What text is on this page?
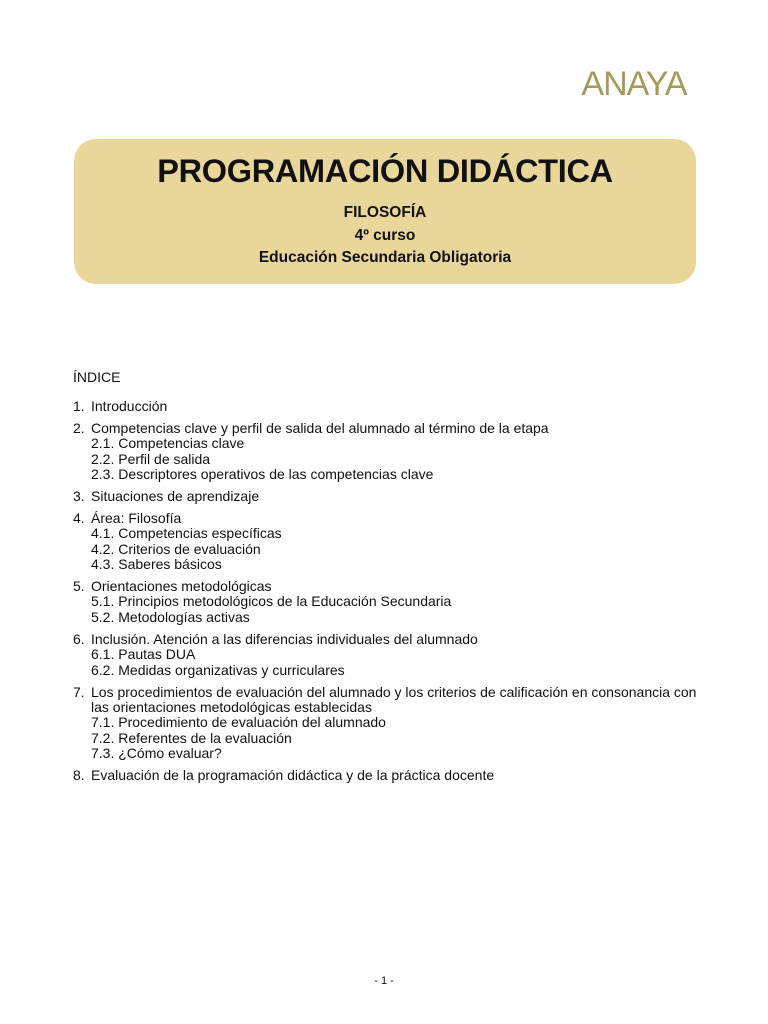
ANAYA
PROGRAMACIÓN DIDÁCTICA
FILOSOFÍA
4º curso
Educación Secundaria Obligatoria
ÍNDICE
1. Introducción
2. Competencias clave y perfil de salida del alumnado al término de la etapa
2.1. Competencias clave
2.2. Perfil de salida
2.3. Descriptores operativos de las competencias clave
3. Situaciones de aprendizaje
4. Área: Filosofía
4.1. Competencias específicas
4.2. Criterios de evaluación
4.3. Saberes básicos
5. Orientaciones metodológicas
5.1. Principios metodológicos de la Educación Secundaria
5.2. Metodologías activas
6. Inclusión. Atención a las diferencias individuales del alumnado
6.1. Pautas DUA
6.2. Medidas organizativas y curriculares
7. Los procedimientos de evaluación del alumnado y los criterios de calificación en consonancia con las orientaciones metodológicas establecidas
7.1. Procedimiento de evaluación del alumnado
7.2. Referentes de la evaluación
7.3. ¿Cómo evaluar?
8. Evaluación de la programación didáctica y de la práctica docente
- 1 -
